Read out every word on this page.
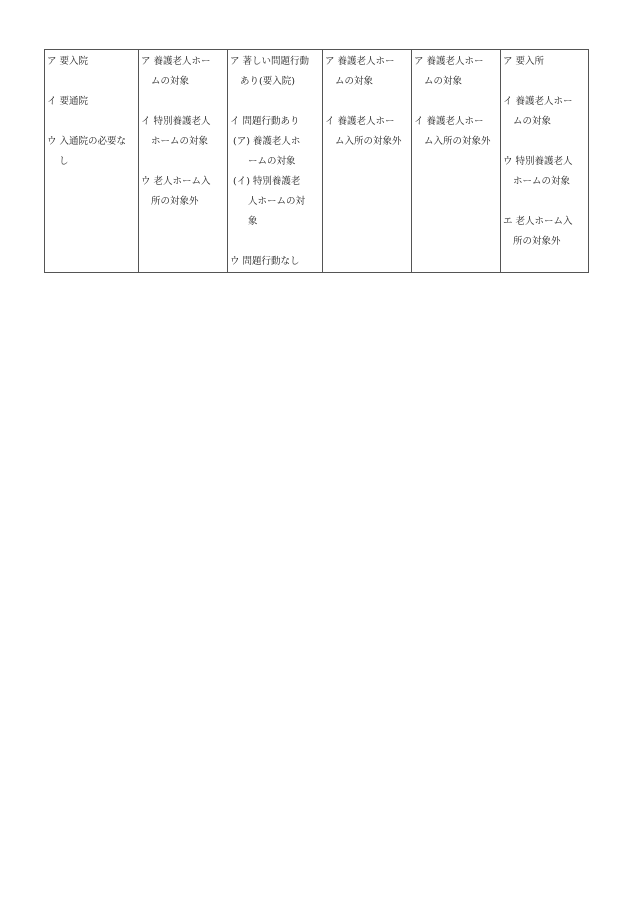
ア 要入院
イ 要通院
ウ 入通院の必要な
し
ア 養護老人ホー
ムの対象
イ 特別養護老人
ホームの対象
ウ 老人ホーム入
所の対象外
ア 著しい問題行動
あり(要入院)
イ 問題行動あり
(ア) 養護老人ホ
ームの対象
(イ) 特別養護老
人ホームの対
象
ウ 問題行動なし
ア 養護老人ホー
ムの対象
イ 養護老人ホー
ム入所の対象外
ア 養護老人ホー
ムの対象
イ 養護老人ホー
ム入所の対象外
ア 要入所
イ 養護老人ホー
ムの対象
ウ 特別養護老人
ホームの対象
エ 老人ホーム入
所の対象外
